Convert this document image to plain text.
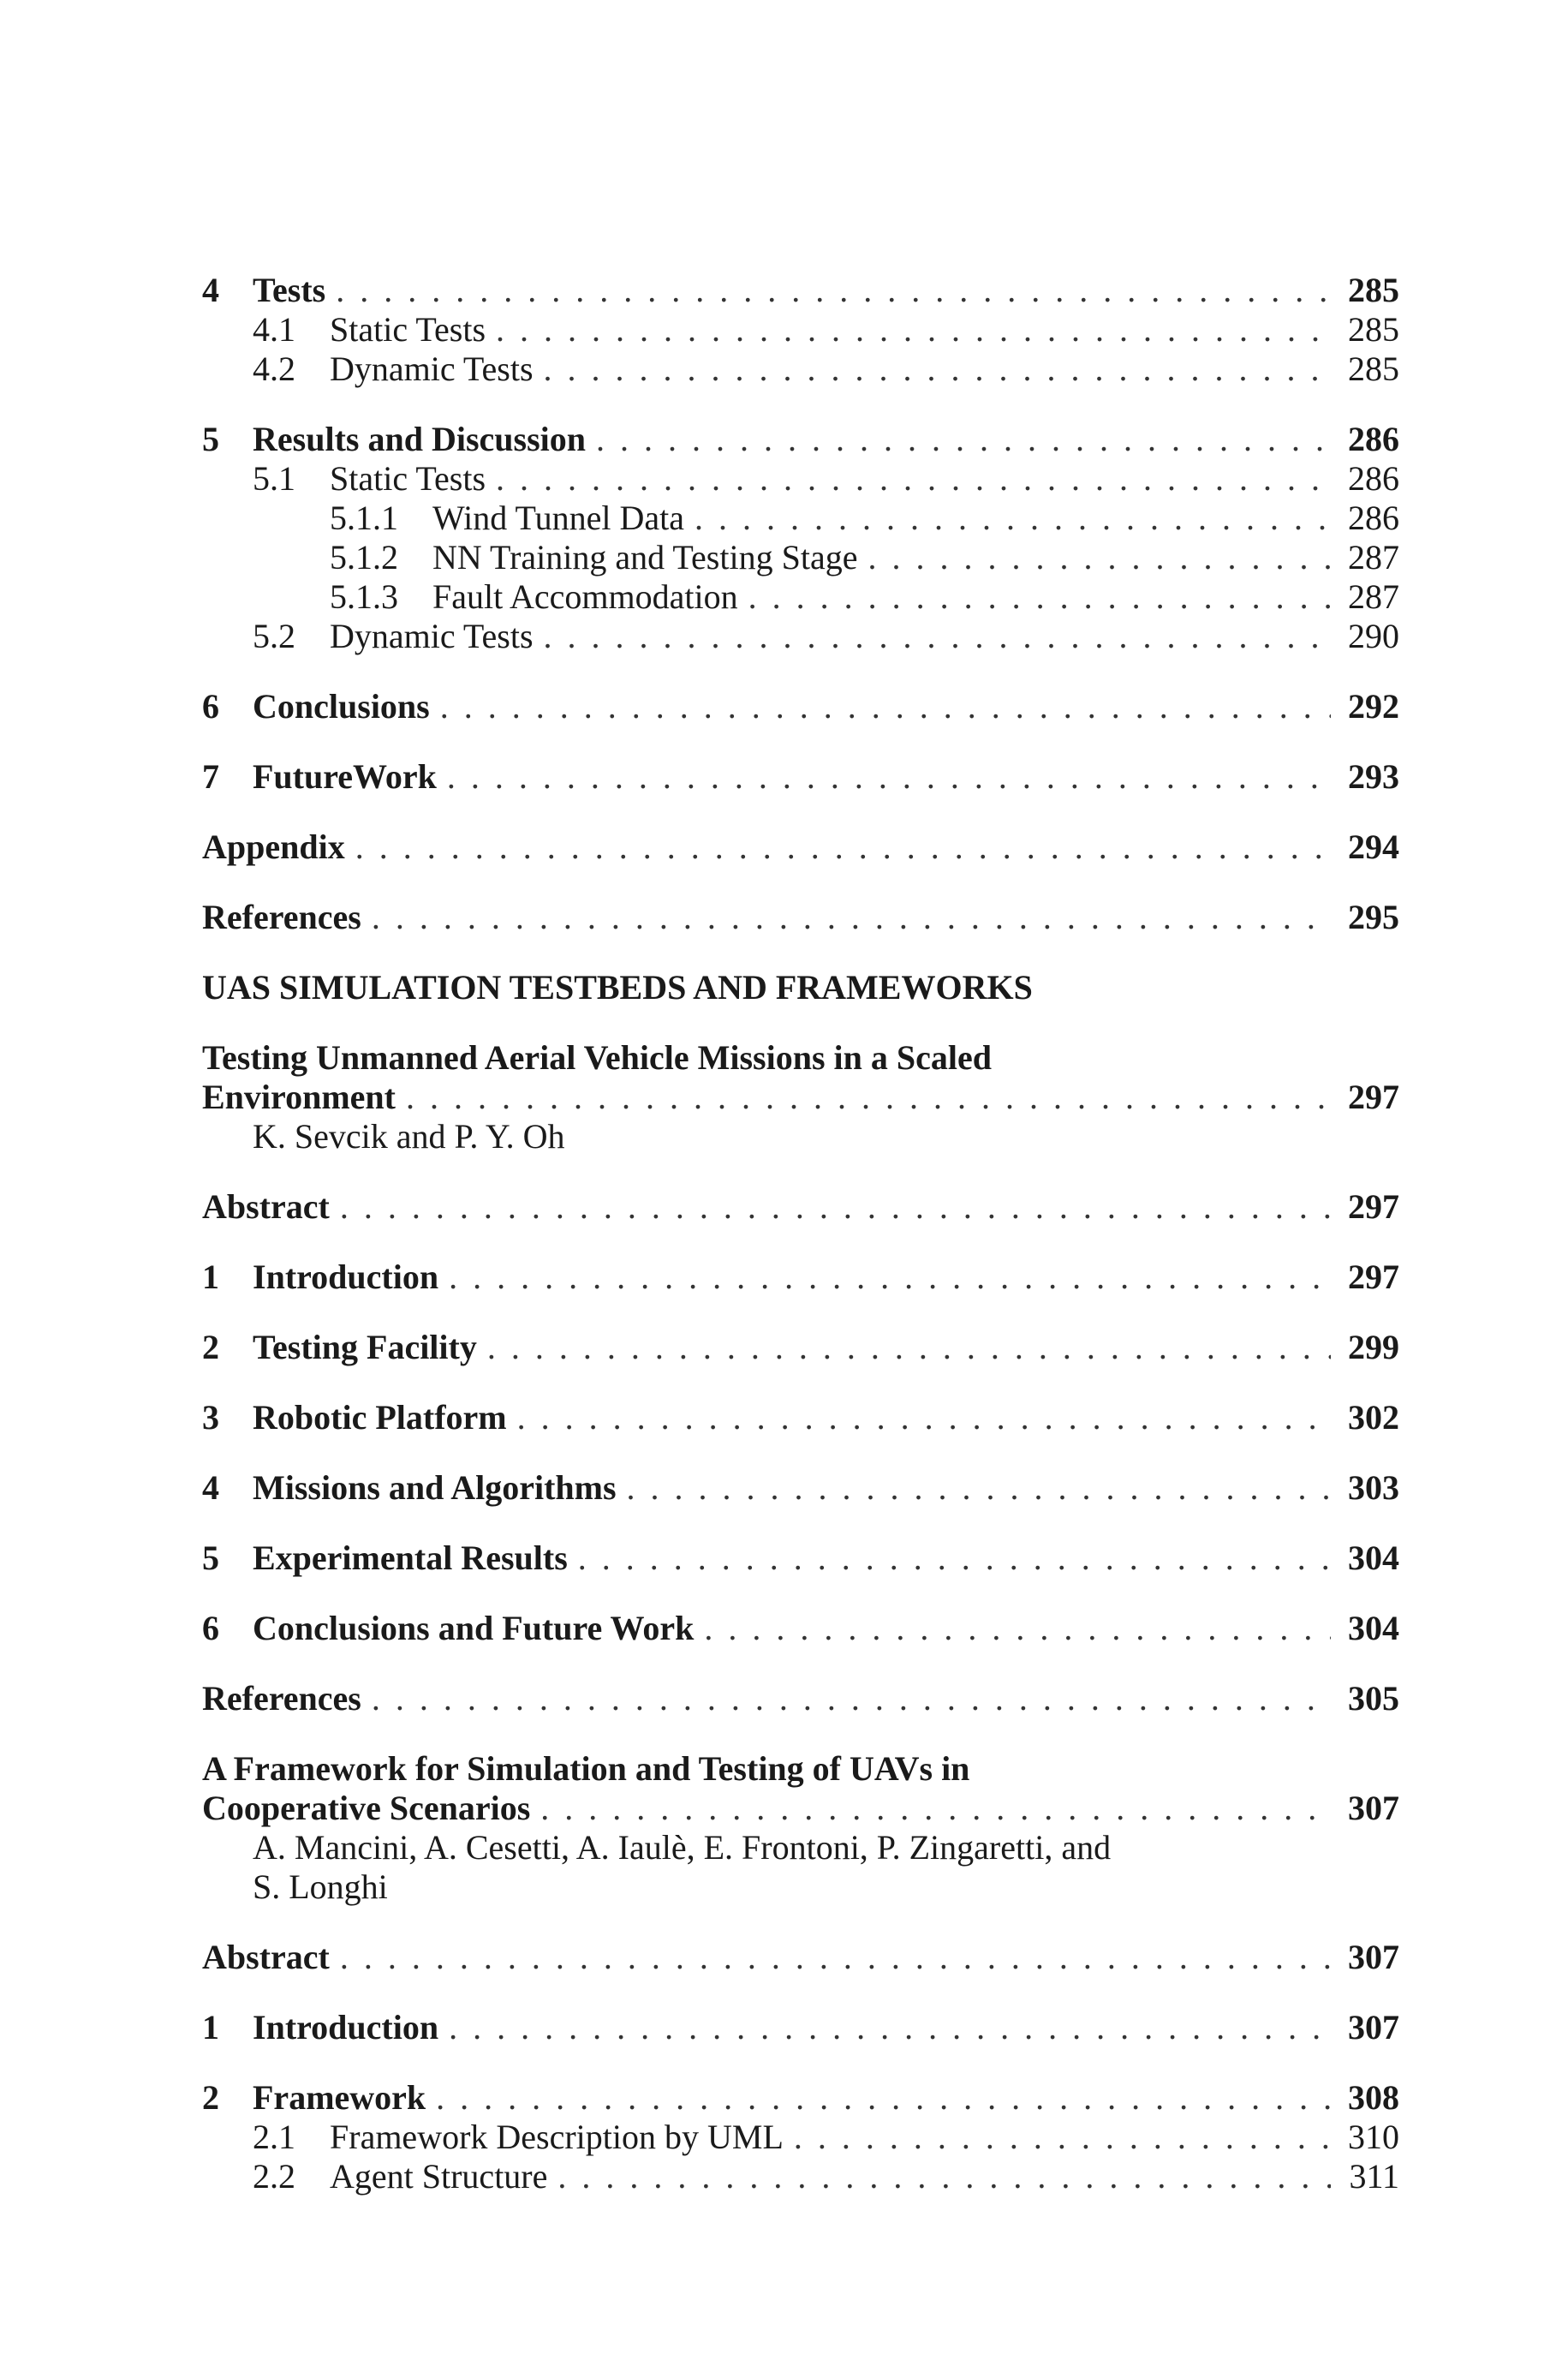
4 Tests . . .	285
4.1	Static Tests . . .	285
4.2	Dynamic Tests . . .	285
5 Results and Discussion . . .	286
5.1	Static Tests . . .	286
5.1.1	Wind Tunnel Data . . .	286
5.1.2	NN Training and Testing Stage . . .	287
5.1.3	Fault Accommodation . . .	287
5.2	Dynamic Tests . . .	290
6 Conclusions . . .	292
7 FutureWork . . .	293
Appendix . . .	294
References . . .	295
UAS SIMULATION TESTBEDS AND FRAMEWORKS
Testing Unmanned Aerial Vehicle Missions in a Scaled
Environment . . .	297
K. Sevcik and P. Y. Oh
Abstract . . .	297
1 Introduction . . .	297
2 Testing Facility . . .	299
3 Robotic Platform . . .	302
4 Missions and Algorithms . . .	303
5 Experimental Results . . .	304
6 Conclusions and Future Work . . .	304
References . . .	305
A Framework for Simulation and Testing of UAVs in
Cooperative Scenarios . . .	307
A. Mancini, A. Cesetti, A. Iaulè, E. Frontoni, P. Zingaretti, and
S. Longhi
Abstract . . .	307
1 Introduction . . .	307
2 Framework . . .	308
2.1	Framework Description by UML . . .	310
2.2	Agent Structure . . .	311
